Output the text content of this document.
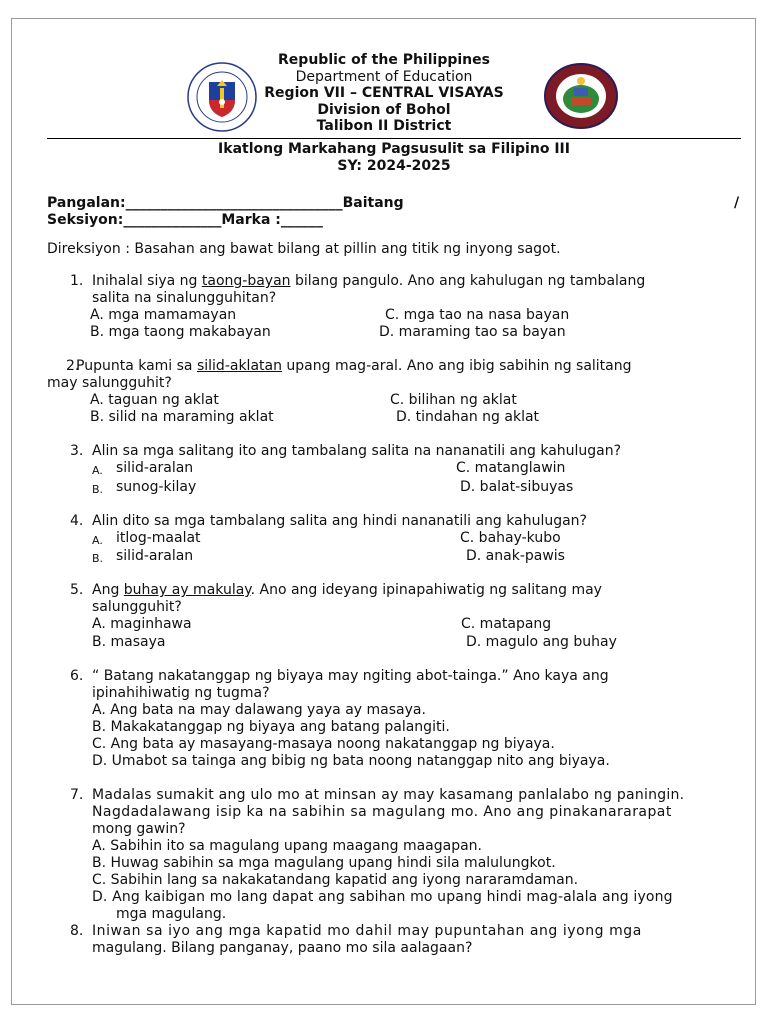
Republic of the Philippines
Department of Education
Region VII – CENTRAL VISAYAS
Division of Bohol
Talibon II District
Ikatlong Markahang Pagsusulit sa Filipino III
SY: 2024-2025
Pangalan:_______________________________Baitang	/
Seksiyon:______________Marka :______
Direksiyon : Basahan ang bawat bilang at pillin ang titik ng inyong sagot.
1. Inihalal siya ng taong-bayan bilang pangulo. Ano ang kahulugan ng tambalang
salita na sinalungguhitan?
A. mga mamamayan	C. mga tao na nasa bayan
B. mga taong makabayan	D. maraming tao sa bayan
2.
Pupunta kami sa silid-aklatan upang mag-aral. Ano ang ibig sabihin ng salitang
may salungguhit?
A. taguan ng aklat	C. bilihan ng aklat
B. silid na maraming aklat	D. tindahan ng aklat
3. Alin sa mga salitang ito ang tambalang salita na nananatili ang kahulugan?
A. silid-aralan	C. matanglawin
B. sunog-kilay	D. balat-sibuyas
4. Alin dito sa mga tambalang salita ang hindi nananatili ang kahulugan?
A. itlog-maalat	C. bahay-kubo
B. silid-aralan	D. anak-pawis
5. Ang buhay ay makulay. Ano ang ideyang ipinapahiwatig ng salitang may
salungguhit?
A. maginhawa	C. matapang
B. masaya	D. magulo ang buhay
6. “ Batang nakatanggap ng biyaya may ngiting abot-tainga.” Ano kaya ang
ipinahihiwatig ng tugma?
A. Ang bata na may dalawang yaya ay masaya.
B. Makakatanggap ng biyaya ang batang palangiti.
C. Ang bata ay masayang-masaya noong nakatanggap ng biyaya.
D. Umabot sa tainga ang bibig ng bata noong natanggap nito ang biyaya.
7. Madalas sumakit ang ulo mo at minsan ay may kasamang panlalabo ng paningin.
Nagdadalawang isip ka na sabihin sa magulang mo. Ano ang pinakanararapat
mong gawin?
A. Sabihin ito sa magulang upang maagang maagapan.
B. Huwag sabihin sa mga magulang upang hindi sila malulungkot.
C. Sabihin lang sa nakakatandang kapatid ang iyong nararamdaman.
D. Ang kaibigan mo lang dapat ang sabihan mo upang hindi mag-alala ang iyong
mga magulang.
8. Iniwan sa iyo ang mga kapatid mo dahil may pupuntahan ang iyong mga
magulang. Bilang panganay, paano mo sila aalagaan?
